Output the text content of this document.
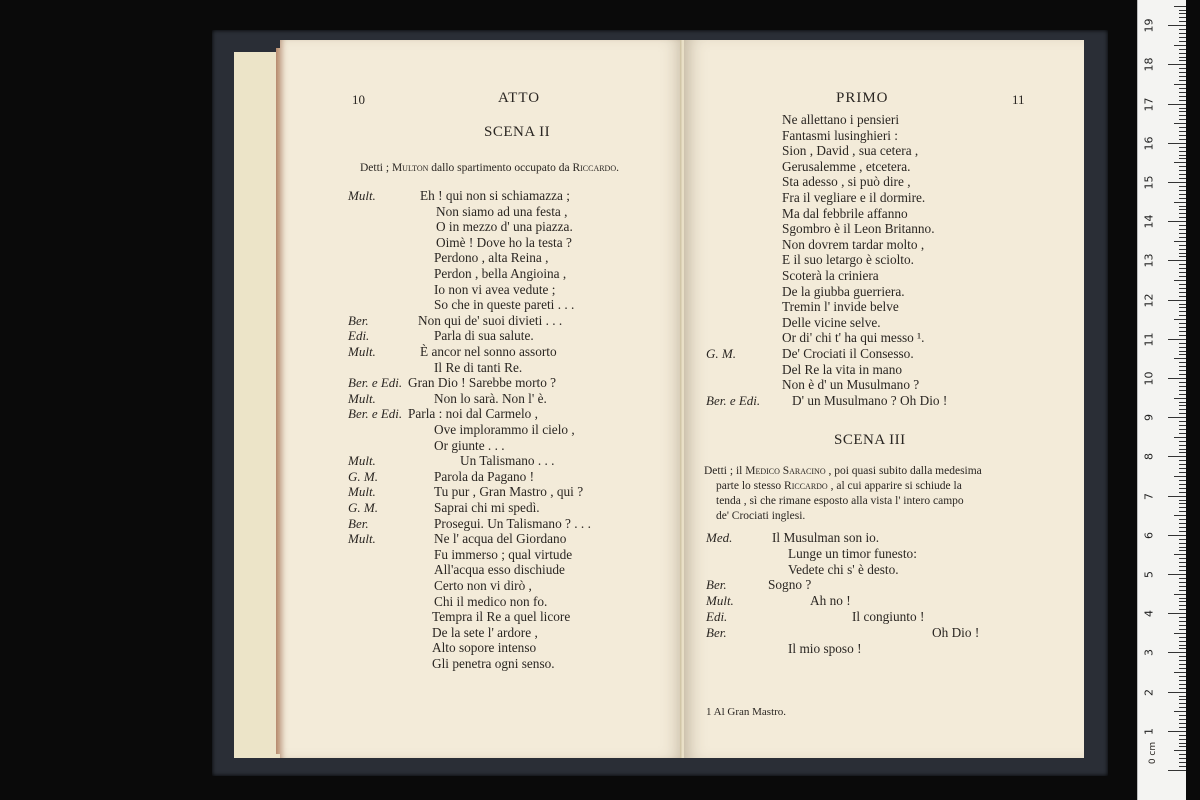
10	ATTO
SCENA II
Detti ; Multon dallo spartimento occupato da Riccardo.
Mult.	Eh ! qui non si schiamazza ;
Non siamo ad una festa ,
O in mezzo d' una piazza.
Oimè ! Dove ho la testa ?
Perdono , alta Reina ,
Perdon , bella Angioina ,
Io non vi avea vedute ;
So che in queste pareti . . .
Ber.	Non qui de' suoi divieti . . .
Edi.	Parla di sua salute.
Mult.	È ancor nel sonno assorto
Il Re di tanti Re.
Ber. e Edi. Gran Dio ! Sarebbe morto ?
Mult.	Non lo sarà. Non l' è.
Ber. e Edi. Parla : noi dal Carmelo ,
Ove implorammo il cielo ,
Or giunte . . .
Mult.	Un Talismano . . .
G. M.	Parola da Pagano !
Mult.	Tu pur , Gran Mastro , qui ?
G. M.	Saprai chi mi spedì.
Ber.	Prosegui. Un Talismano ? . . .
Mult.	Ne l' acqua del Giordano
Fu immerso ; qual virtude
All'acqua esso dischiude
Certo non vi dirò ,
Chi il medico non fo.
Tempra il Re a quel licore
De la sete l' ardore ,
Alto sopore intenso
Gli penetra ogni senso.
PRIMO	11
Ne allettano i pensieri
Fantasmi lusinghieri :
Sion , David , sua cetera ,
Gerusalemme , etcetera.
Sta adesso , si può dire ,
Fra il vegliare e il dormire.
Ma dal febbrile affanno
Sgombro è il Leon Britanno.
Non dovrem tardar molto ,
E il suo letargo è sciolto.
Scoterà la criniera
De la giubba guerriera.
Tremin l' invide belve
Delle vicine selve.
Or di' chi t' ha qui messo ¹.
G. M.	De' Crociati il Consesso.
Del Re la vita in mano
Non è d' un Musulmano ?
Ber. e Edi. D' un Musulmano ? Oh Dio !
SCENA III
Detti ; il Medico Saracino , poi quasi subito dalla medesima
parte lo stesso Riccardo , al cui apparire si schiude la
tenda , sì che rimane esposto alla vista l' intero campo
de' Crociati inglesi.
Med.	Il Musulman son io.
Lunge un timor funesto:
Vedete chi s' è desto.
Ber.	Sogno ?
Mult.	Ah no !
Edi.	Il congiunto !
Ber.	Oh Dio !
Il mio sposo !
1 Al Gran Mastro.
19
18
17
16
15
14
13
12
11
10
9
8
7
6
5
4
3
2
1
0 cm
